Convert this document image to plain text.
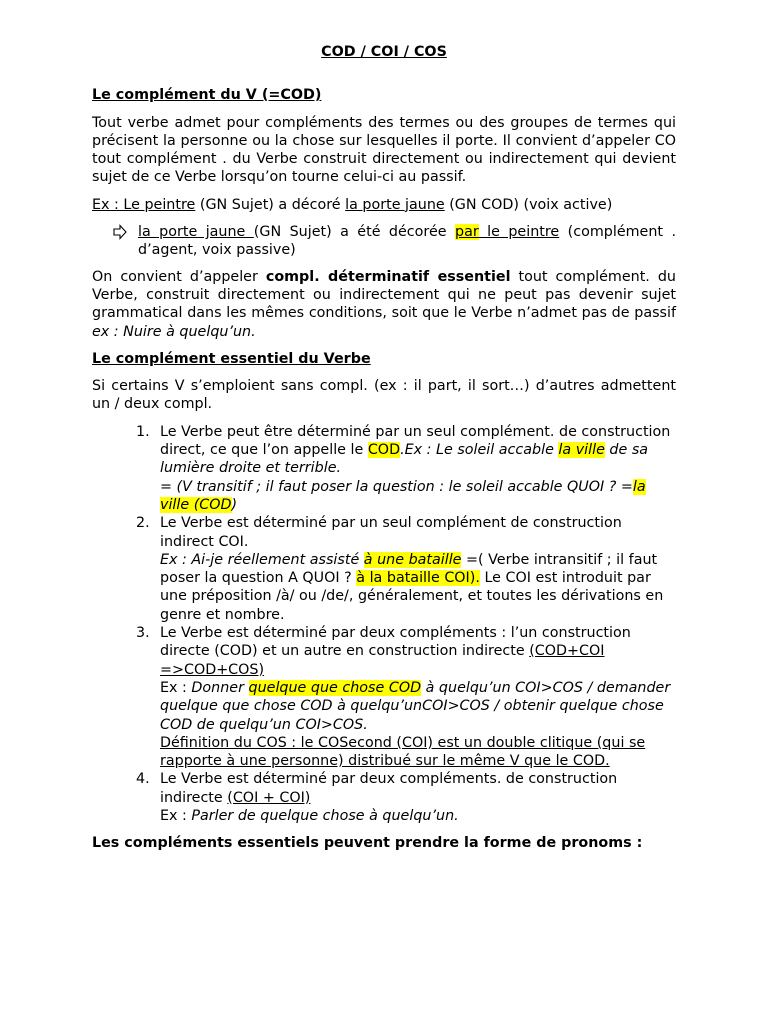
COD / COI / COS

Le complément du V (=COD)

Tout verbe admet pour compléments des termes ou des groupes de termes qui précisent la personne ou la chose sur lesquelles il porte. Il convient d’appeler CO tout complément . du Verbe construit directement ou indirectement qui devient sujet de ce Verbe lorsqu’on tourne celui-ci au passif.

Ex : Le peintre (GN Sujet) a décoré la porte jaune (GN COD) (voix active)

la porte jaune (GN Sujet) a été décorée par le peintre (complément . d’agent, voix passive)

On convient d’appeler compl. déterminatif essentiel tout complément. du Verbe, construit directement ou indirectement qui ne peut pas devenir sujet grammatical dans les mêmes conditions, soit que le Verbe n’admet pas de passif ex : Nuire à quelqu’un.

Le complément essentiel du Verbe

Si certains V s’emploient sans compl. (ex : il part, il sort…) d’autres admettent un / deux compl.

1. Le Verbe peut être déterminé par un seul complément. de construction direct, ce que l’on appelle le COD.Ex : Le soleil accable la ville de sa lumière droite et terrible.
= (V transitif ; il faut poser la question : le soleil accable QUOI ? =la ville (COD)
2. Le Verbe est déterminé par un seul complément de construction indirect COI.
Ex : Ai-je réellement assisté à une bataille =( Verbe intransitif ; il faut poser la question A QUOI ? à la bataille COI). Le COI est introduit par une préposition /à/ ou /de/, généralement, et toutes les dérivations en genre et nombre.
3. Le Verbe est déterminé par deux compléments : l’un construction directe (COD) et un autre en construction indirecte (COD+COI =>COD+COS)
Ex : Donner quelque que chose COD à quelqu’un COI>COS / demander quelque que chose COD à quelqu’unCOI>COS / obtenir quelque chose COD de quelqu’un COI>COS.
Définition du COS : le COSecond (COI) est un double clitique (qui se rapporte à une personne) distribué sur le même V que le COD.
4. Le Verbe est déterminé par deux compléments. de construction indirecte (COI + COI)
Ex : Parler de quelque chose à quelqu’un.

Les compléments essentiels peuvent prendre la forme de pronoms :
